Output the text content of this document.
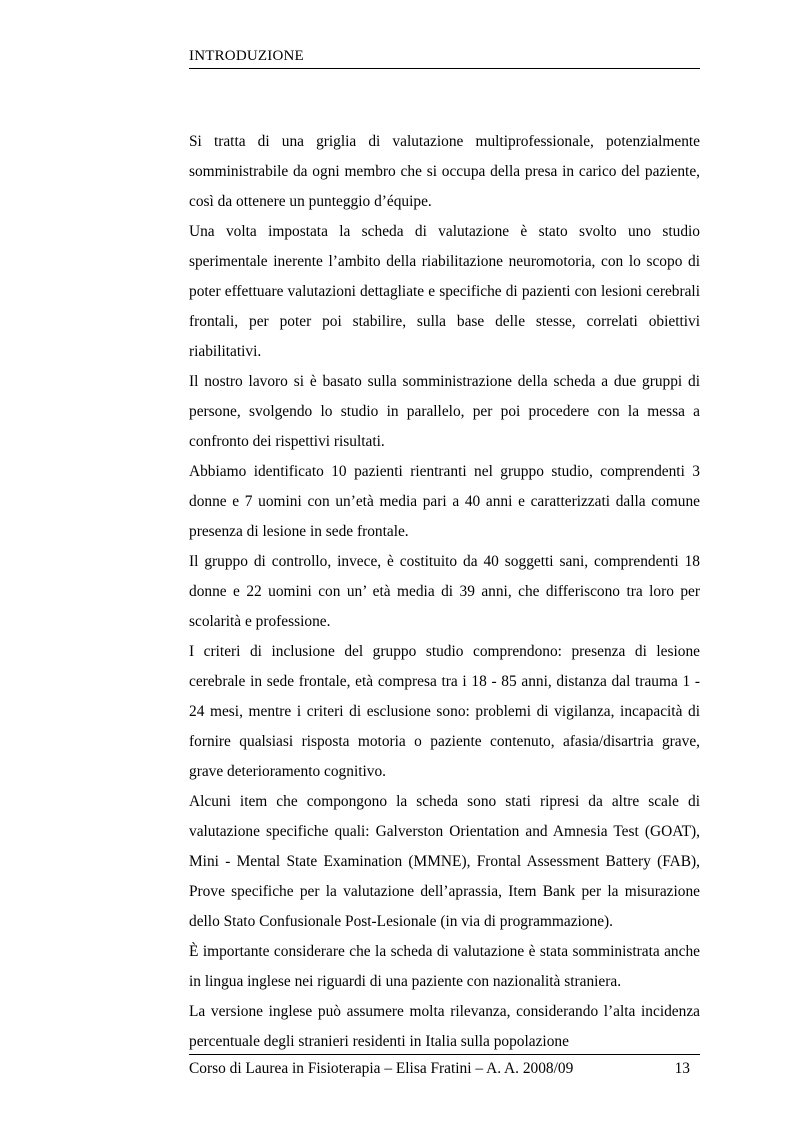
INTRODUZIONE

Si tratta di una griglia di valutazione multiprofessionale, potenzialmente somministrabile da ogni membro che si occupa della presa in carico del paziente, così da ottenere un punteggio d’équipe.

Una volta impostata la scheda di valutazione è stato svolto uno studio sperimentale inerente l’ambito della riabilitazione neuromotoria, con lo scopo di poter effettuare valutazioni dettagliate e specifiche di pazienti con lesioni cerebrali frontali, per poter poi stabilire, sulla base delle stesse, correlati obiettivi riabilitativi.

Il nostro lavoro si è basato sulla somministrazione della scheda a due gruppi di persone, svolgendo lo studio in parallelo, per poi procedere con la messa a confronto dei rispettivi risultati.

Abbiamo identificato 10 pazienti rientranti nel gruppo studio, comprendenti 3 donne e 7 uomini con un’età media pari a 40 anni e caratterizzati dalla comune presenza di lesione in sede frontale.

Il gruppo di controllo, invece, è costituito da 40 soggetti sani, comprendenti 18 donne e 22 uomini con un’ età media di 39 anni, che differiscono tra loro per scolarità e professione.

I criteri di inclusione del gruppo studio comprendono: presenza di lesione cerebrale in sede frontale, età compresa tra i 18 - 85 anni, distanza dal trauma 1 - 24 mesi, mentre i criteri di esclusione sono: problemi di vigilanza, incapacità di fornire qualsiasi risposta motoria o paziente contenuto, afasia/disartria grave, grave deterioramento cognitivo.

Alcuni item che compongono la scheda sono stati ripresi da altre scale di valutazione specifiche quali: Galverston Orientation and Amnesia Test (GOAT), Mini - Mental State Examination (MMNE), Frontal Assessment Battery (FAB), Prove specifiche per la valutazione dell’aprassia, Item Bank per la misurazione dello Stato Confusionale Post-Lesionale (in via di programmazione).

È importante considerare che la scheda di valutazione è stata somministrata anche in lingua inglese nei riguardi di una paziente con nazionalità straniera.

La versione inglese può assumere molta rilevanza, considerando l’alta incidenza percentuale degli stranieri residenti in Italia sulla popolazione

Corso di Laurea in Fisioterapia – Elisa Fratini – A. A. 2008/09	13
